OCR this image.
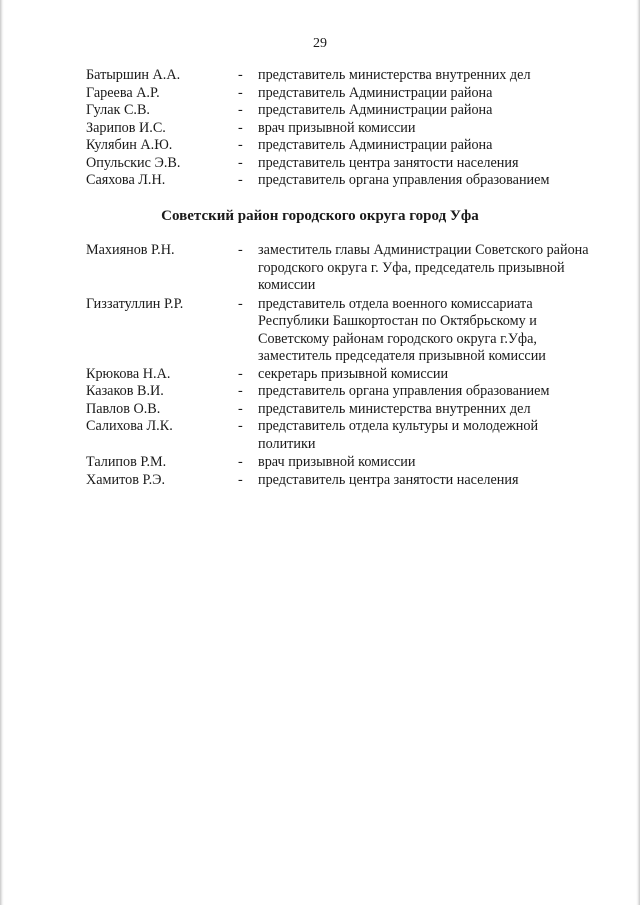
29
Батыршин А.А.	-	представитель министерства внутренних дел
Гареева А.Р.	-	представитель Администрации района
Гулак С.В.	-	представитель Администрации района
Зарипов И.С.	-	врач призывной комиссии
Кулябин А.Ю.	-	представитель Администрации района
Опульскис Э.В.	-	представитель центра занятости населения
Саяхова Л.Н.	-	представитель органа управления образованием
Советский район городского округа город Уфа
Махиянов Р.Н.	-	заместитель главы Администрации Советского района городского округа г. Уфа, председатель призывной комиссии
Гиззатуллин Р.Р.	-	представитель отдела военного комиссариата Республики Башкортостан по Октябрьскому и Советскому районам городского округа г.Уфа, заместитель председателя призывной комиссии
Крюкова Н.А.	-	секретарь призывной комиссии
Казаков В.И.	-	представитель органа управления образованием
Павлов О.В.	-	представитель министерства внутренних дел
Салихова Л.К.	-	представитель отдела культуры и молодежной политики
Талипов Р.М.	-	врач призывной комиссии
Хамитов Р.Э.	-	представитель центра занятости населения
